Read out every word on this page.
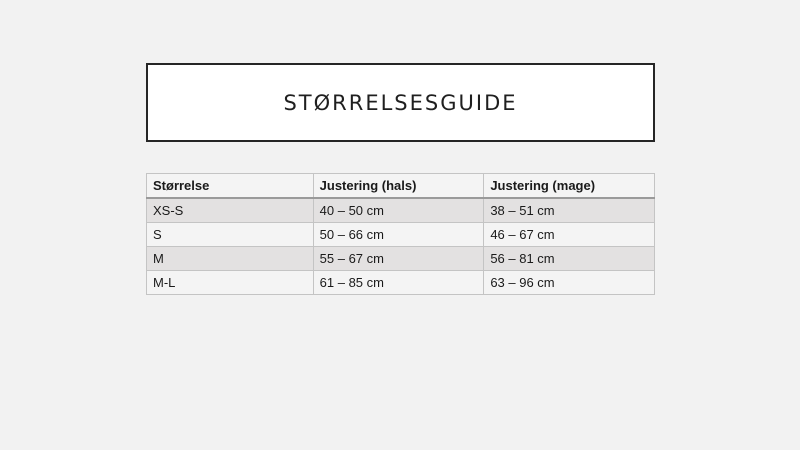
STØRRELSESGUIDE
Størrelse	Justering (hals)	Justering (mage)
XS-S	40 – 50 cm	38 – 51 cm
S	50 – 66 cm	46 – 67 cm
M	55 – 67 cm	56 – 81 cm
M-L	61 – 85 cm	63 – 96 cm
